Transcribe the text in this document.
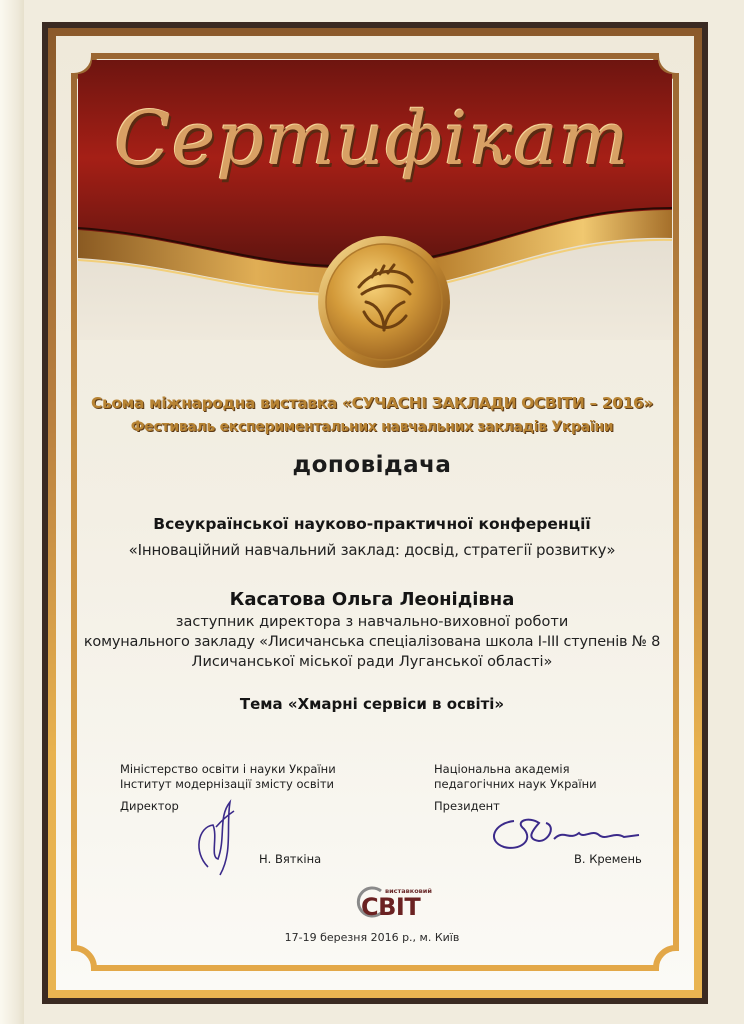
Сертифікат
Сьома міжнародна виставка «СУЧАСНІ ЗАКЛАДИ ОСВІТИ – 2016»
Фестиваль експериментальних навчальних закладів України
доповідача
Всеукраїнської науково-практичної конференції
«Інноваційний навчальний заклад: досвід, стратегії розвитку»
Касатова Ольга Леонідівна
заступник директора з навчально-виховної роботи
комунального закладу «Лисичанська спеціалізована школа І-ІІІ ступенів № 8
Лисичанської міської ради Луганської області»
Тема «Хмарні сервіси в освіті»
Міністерство освіти і науки України
Інститут модернізації змісту освіти
Директор
Н. Вяткіна
Національна академія
педагогічних наук України
Президент
В. Кремень
виставковий
СВІТ
17-19 березня 2016 р., м. Київ
